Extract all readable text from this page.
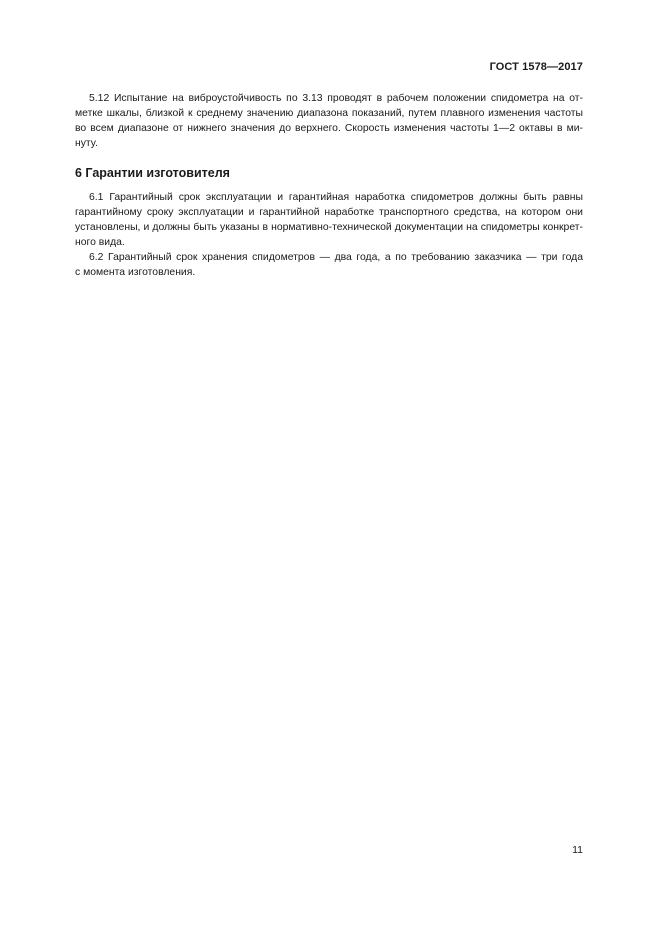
ГОСТ 1578—2017
5.12 Испытание на виброустойчивость по 3.13 проводят в рабочем положении спидометра на от-
метке шкалы, близкой к среднему значению диапазона показаний, путем плавного изменения частоты
во всем диапазоне от нижнего значения до верхнего. Скорость изменения частоты 1—2 октавы в ми-
нуту.
6 Гарантии изготовителя
6.1 Гарантийный срок эксплуатации и гарантийная наработка спидометров должны быть равны
гарантийному сроку эксплуатации и гарантийной наработке транспортного средства, на котором они
установлены, и должны быть указаны в нормативно-технической документации на спидометры конкрет-
ного вида.
6.2 Гарантийный срок хранения спидометров — два года, а по требованию заказчика — три года
с момента изготовления.
11
